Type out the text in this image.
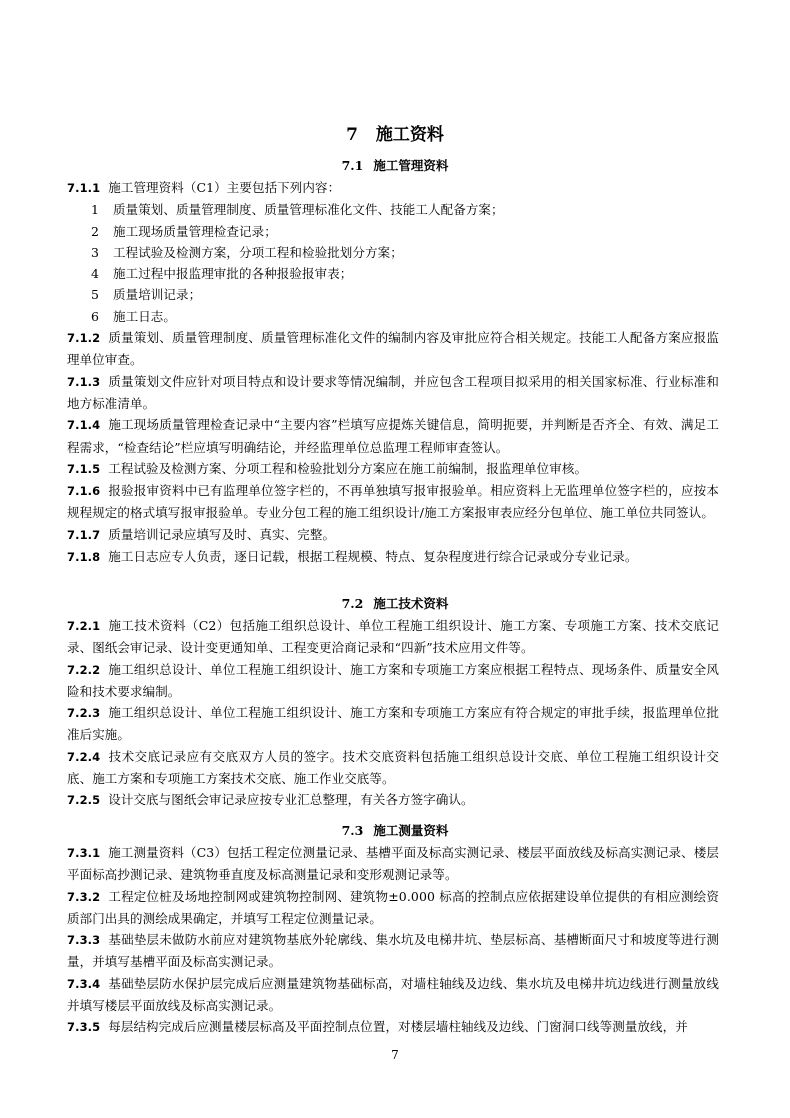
7 施工资料
7.1 施工管理资料
7.1.1 施工管理资料（C1）主要包括下列内容：
1 质量策划、质量管理制度、质量管理标准化文件、技能工人配备方案；
2 施工现场质量管理检查记录；
3 工程试验及检测方案，分项工程和检验批划分方案；
4 施工过程中报监理审批的各种报验报审表；
5 质量培训记录；
6 施工日志。
7.1.2 质量策划、质量管理制度、质量管理标准化文件的编制内容及审批应符合相关规定。技能工人配备方案应报监理单位审查。
7.1.3 质量策划文件应针对项目特点和设计要求等情况编制，并应包含工程项目拟采用的相关国家标准、行业标准和地方标准清单。
7.1.4 施工现场质量管理检查记录中“主要内容”栏填写应提炼关键信息，简明扼要，并判断是否齐全、有效、满足工程需求，“检查结论”栏应填写明确结论，并经监理单位总监理工程师审查签认。
7.1.5 工程试验及检测方案、分项工程和检验批划分方案应在施工前编制，报监理单位审核。
7.1.6 报验报审资料中已有监理单位签字栏的，不再单独填写报审报验单。相应资料上无监理单位签字栏的，应按本规程规定的格式填写报审报验单。专业分包工程的施工组织设计/施工方案报审表应经分包单位、施工单位共同签认。
7.1.7 质量培训记录应填写及时、真实、完整。
7.1.8 施工日志应专人负责，逐日记载，根据工程规模、特点、复杂程度进行综合记录或分专业记录。
7.2 施工技术资料
7.2.1 施工技术资料（C2）包括施工组织总设计、单位工程施工组织设计、施工方案、专项施工方案、技术交底记录、图纸会审记录、设计变更通知单、工程变更洽商记录和“四新”技术应用文件等。
7.2.2 施工组织总设计、单位工程施工组织设计、施工方案和专项施工方案应根据工程特点、现场条件、质量安全风险和技术要求编制。
7.2.3 施工组织总设计、单位工程施工组织设计、施工方案和专项施工方案应有符合规定的审批手续，报监理单位批准后实施。
7.2.4 技术交底记录应有交底双方人员的签字。技术交底资料包括施工组织总设计交底、单位工程施工组织设计交底、施工方案和专项施工方案技术交底、施工作业交底等。
7.2.5 设计交底与图纸会审记录应按专业汇总整理，有关各方签字确认。
7.3 施工测量资料
7.3.1 施工测量资料（C3）包括工程定位测量记录、基槽平面及标高实测记录、楼层平面放线及标高实测记录、楼层平面标高抄测记录、建筑物垂直度及标高测量记录和变形观测记录等。
7.3.2 工程定位桩及场地控制网或建筑物控制网、建筑物±0.000 标高的控制点应依据建设单位提供的有相应测绘资质部门出具的测绘成果确定，并填写工程定位测量记录。
7.3.3 基础垫层未做防水前应对建筑物基底外轮廓线、集水坑及电梯井坑、垫层标高、基槽断面尺寸和坡度等进行测量，并填写基槽平面及标高实测记录。
7.3.4 基础垫层防水保护层完成后应测量建筑物基础标高，对墙柱轴线及边线、集水坑及电梯井坑边线进行测量放线并填写楼层平面放线及标高实测记录。
7.3.5 每层结构完成后应测量楼层标高及平面控制点位置，对楼层墙柱轴线及边线、门窗洞口线等测量放线，并
7
